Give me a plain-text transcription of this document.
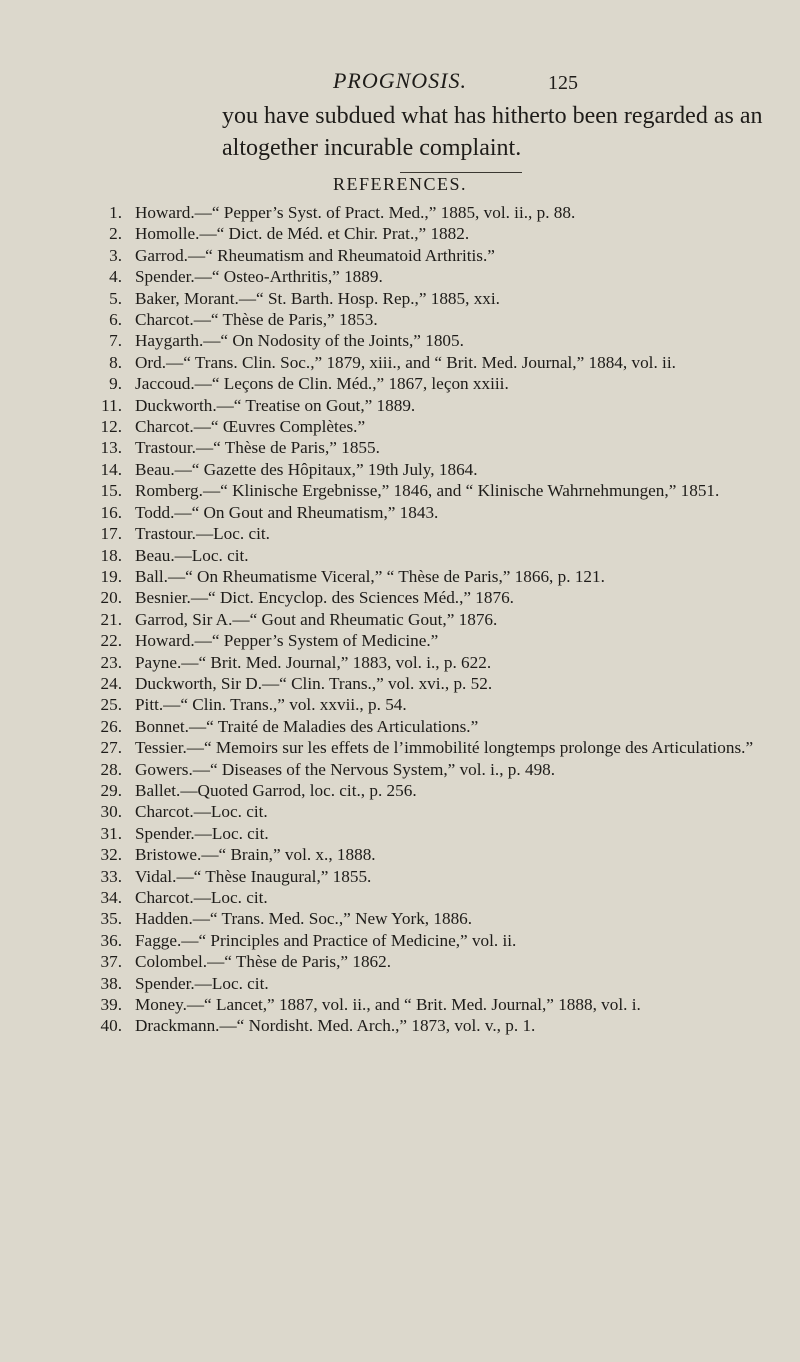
PROGNOSIS.	125

you have subdued what has hitherto been regarded as an altogether incurable complaint.

REFERENCES.
1. Howard.—“ Pepper’s Syst. of Pract. Med.,” 1885, vol. ii., p. 88.
2. Homolle.—“ Dict. de Méd. et Chir. Prat.,” 1882.
3. Garrod.—“ Rheumatism and Rheumatoid Arthritis.”
4. Spender.—“ Osteo-Arthritis,” 1889.
5. Baker, Morant.—“ St. Barth. Hosp. Rep.,” 1885, xxi.
6. Charcot.—“ Thèse de Paris,” 1853.
7. Haygarth.—“ On Nodosity of the Joints,” 1805.
8. Ord.—“ Trans. Clin. Soc.,” 1879, xiii., and “ Brit. Med. Journal,” 1884, vol. ii.
9. Jaccoud.—“ Leçons de Clin. Méd.,” 1867, leçon xxiii.
11. Duckworth.—“ Treatise on Gout,” 1889.
12. Charcot.—“ Œuvres Complètes.”
13. Trastour.—“ Thèse de Paris,” 1855.
14. Beau.—“ Gazette des Hôpitaux,” 19th July, 1864.
15. Romberg.—“ Klinische Ergebnisse,” 1846, and “ Klinische Wahrnehmungen,” 1851.
16. Todd.—“ On Gout and Rheumatism,” 1843.
17. Trastour.—Loc. cit.
18. Beau.—Loc. cit.
19. Ball.—“ On Rheumatisme Viceral,” “ Thèse de Paris,” 1866, p. 121.
20. Besnier.—“ Dict. Encyclop. des Sciences Méd.,” 1876.
21. Garrod, Sir A.—“ Gout and Rheumatic Gout,” 1876.
22. Howard.—“ Pepper’s System of Medicine.”
23. Payne.—“ Brit. Med. Journal,” 1883, vol. i., p. 622.
24. Duckworth, Sir D.—“ Clin. Trans.,” vol. xvi., p. 52.
25. Pitt.—“ Clin. Trans.,” vol. xxvii., p. 54.
26. Bonnet.—“ Traité de Maladies des Articulations.”
27. Tessier.—“ Memoirs sur les effets de l’immobilité longtemps prolonge des Articulations.”
28. Gowers.—“ Diseases of the Nervous System,” vol. i., p. 498.
29. Ballet.—Quoted Garrod, loc. cit., p. 256.
30. Charcot.—Loc. cit.
31. Spender.—Loc. cit.
32. Bristowe.—“ Brain,” vol. x., 1888.
33. Vidal.—“ Thèse Inaugural,” 1855.
34. Charcot.—Loc. cit.
35. Hadden.—“ Trans. Med. Soc.,” New York, 1886.
36. Fagge.—“ Principles and Practice of Medicine,” vol. ii.
37. Colombel.—“ Thèse de Paris,” 1862.
38. Spender.—Loc. cit.
39. Money.—“ Lancet,” 1887, vol. ii., and “ Brit. Med. Journal,” 1888, vol. i.
40. Drackmann.—“ Nordisht. Med. Arch.,” 1873, vol. v., p. 1.
